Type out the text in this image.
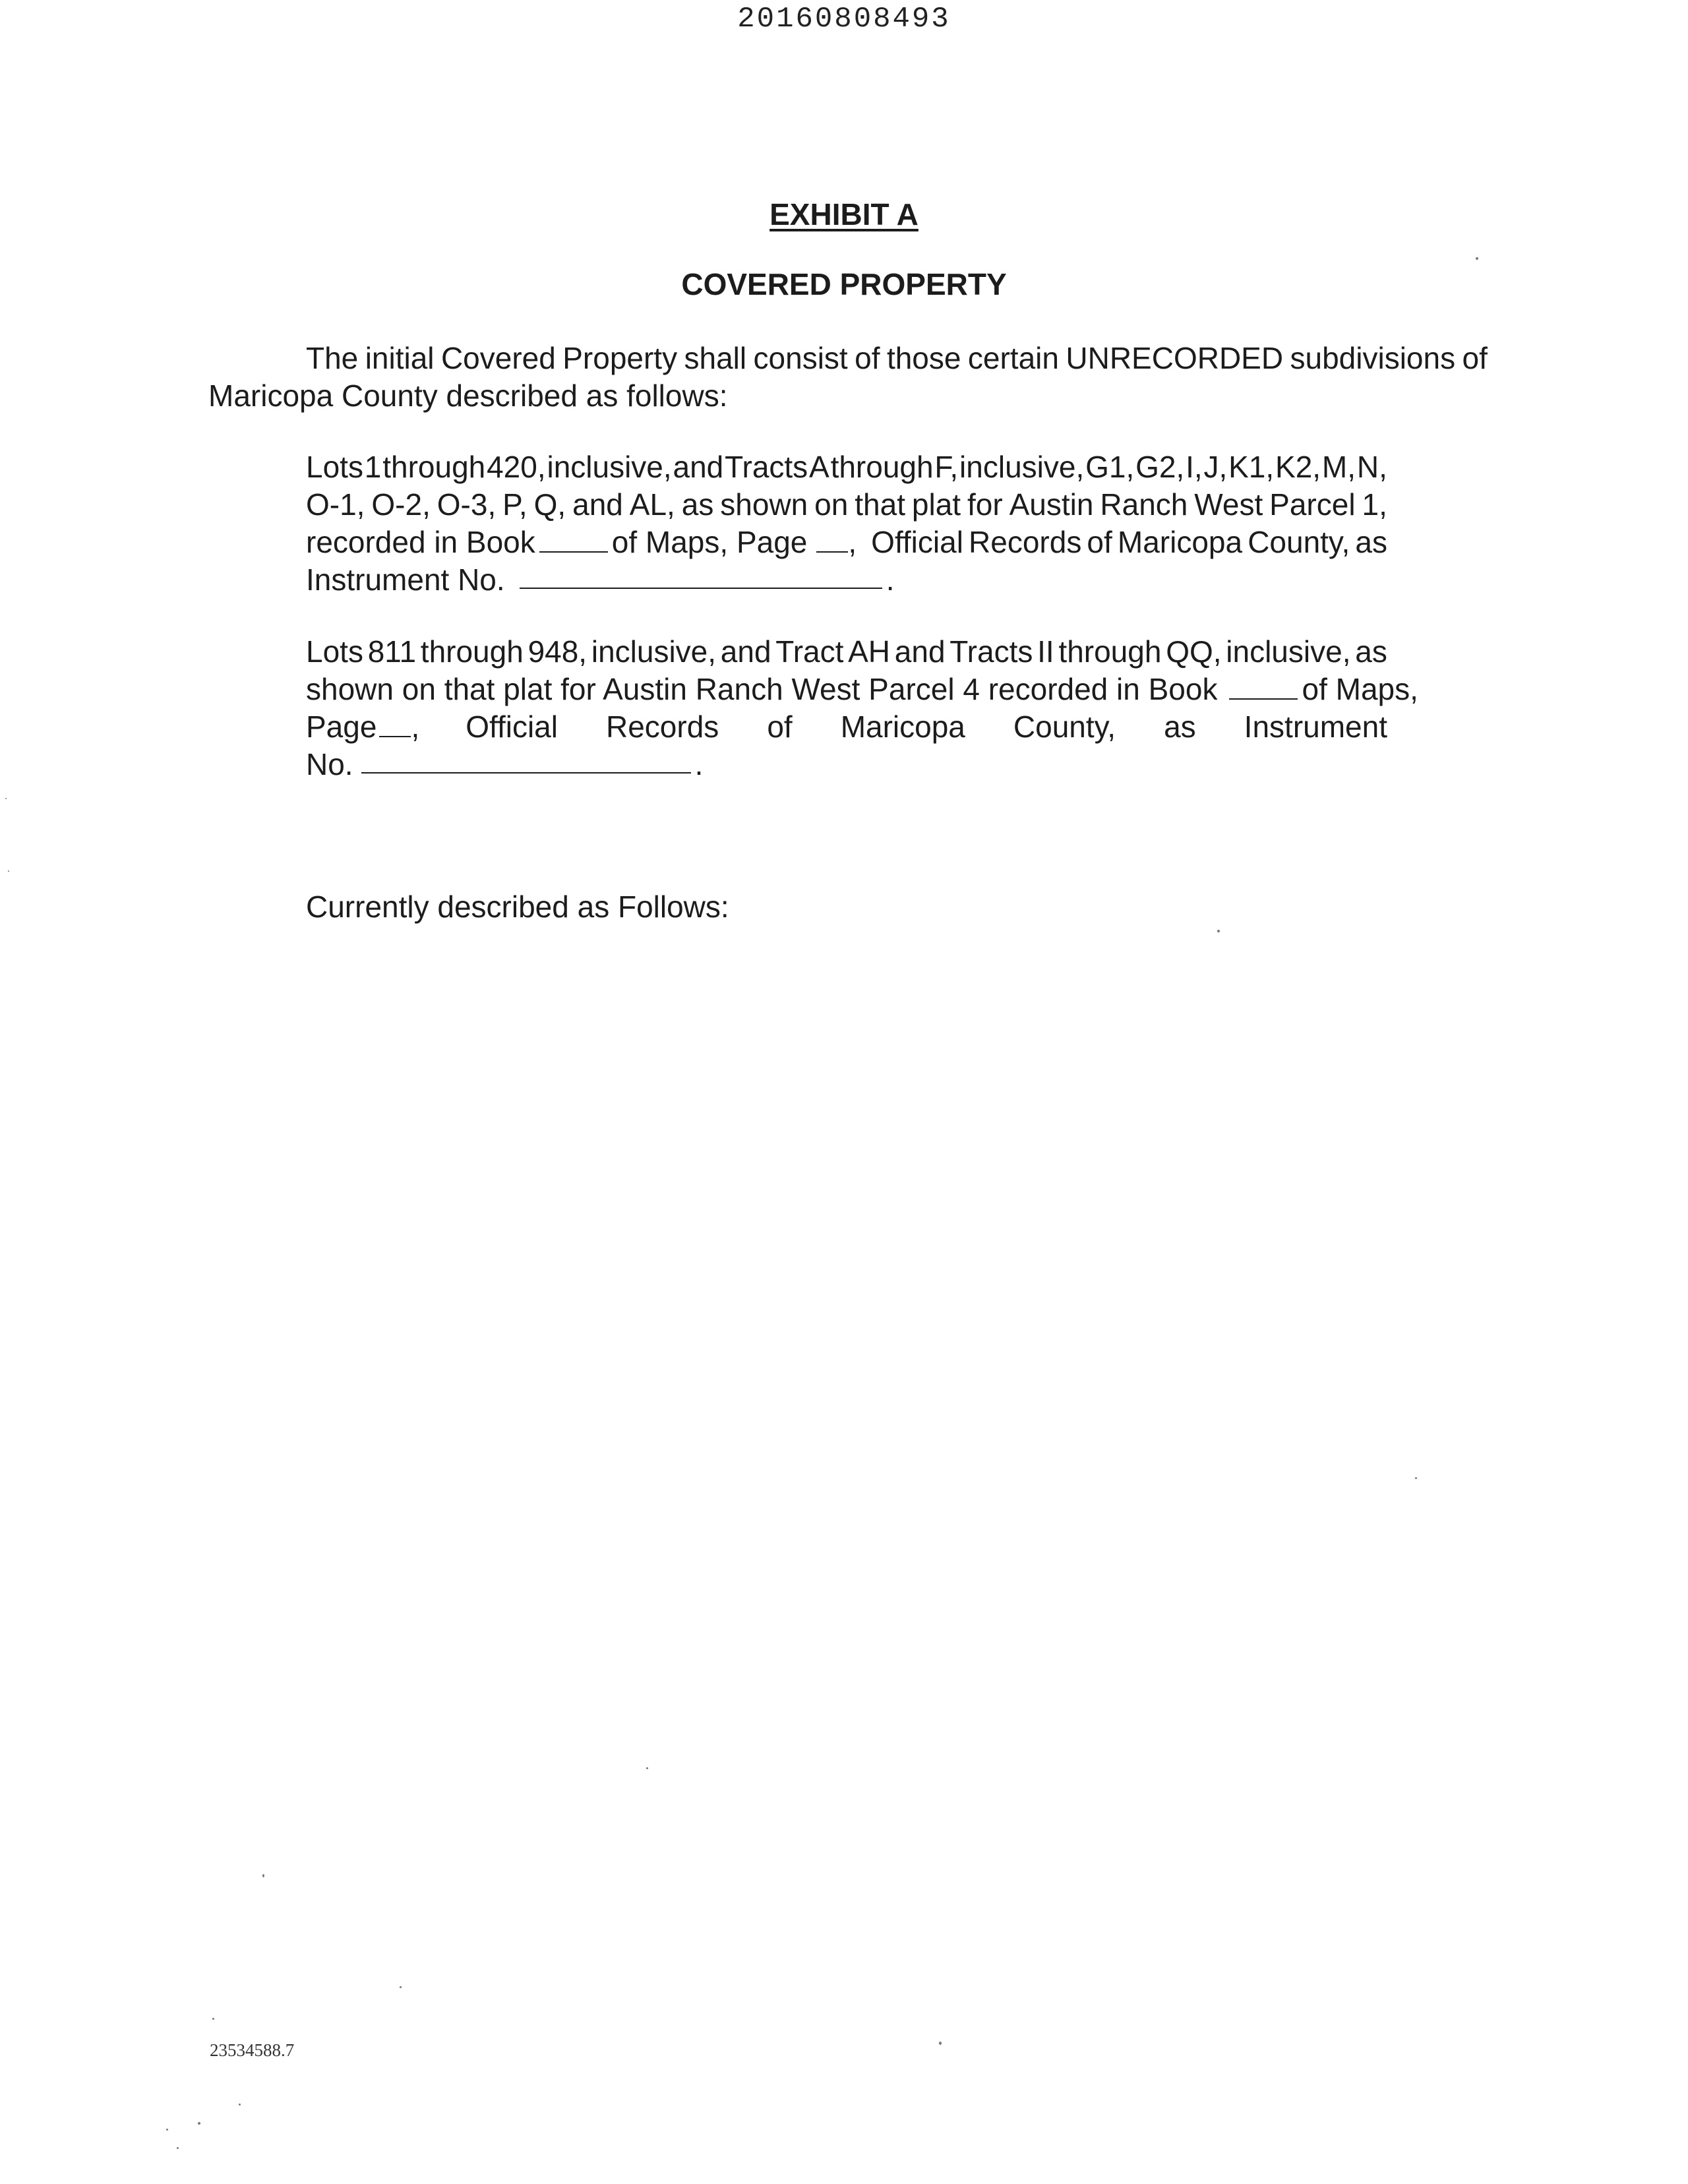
20160808493
EXHIBIT A
COVERED PROPERTY
The initial Covered Property shall consist of those certain UNRECORDED subdivisions of
Maricopa County described as follows:
Lots 1 through 420, inclusive, and Tracts A through F, inclusive, G1, G2, I, J, K1, K2, M, N,
O-1, O-2, O-3, P, Q, and AL, as shown on that plat for Austin Ranch West Parcel 1,
recorded in Book	of Maps, Page , Official Records of Maricopa County, as
Instrument No.	.
Lots 811 through 948, inclusive, and Tract AH and Tracts II through QQ, inclusive, as
shown on that plat for Austin Ranch West Parcel 4 recorded in Book	of Maps,
Page , Official Records of Maricopa County, as Instrument
No.	.
Currently described as Follows:
23534588.7
